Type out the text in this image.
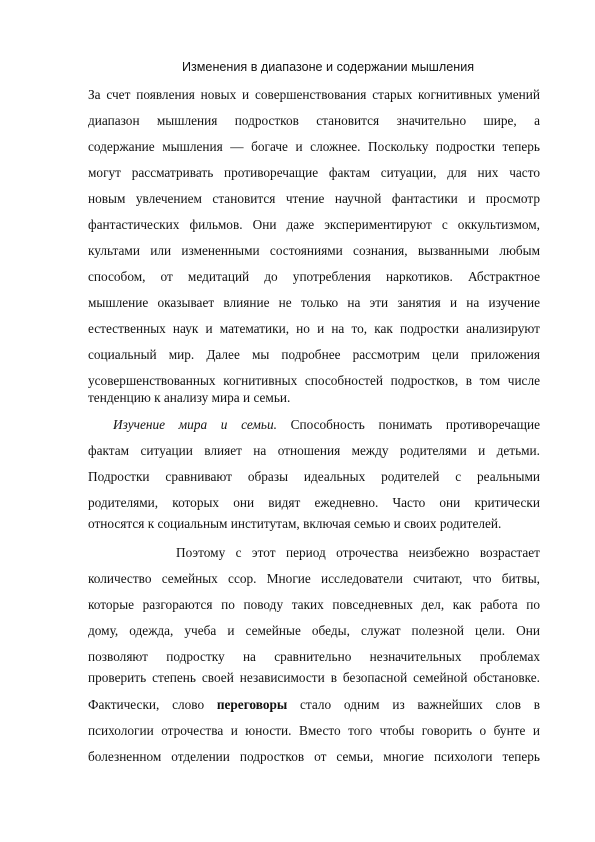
Изменения в диапазоне и содержании мышления
За счет появления новых и совершенствования старых когнитивных умений
диапазон мышления подростков становится значительно шире, а
содержание мышления — богаче и сложнее. Поскольку подростки теперь
могут рассматривать противоречащие фактам ситуации, для них часто
новым увлечением становится чтение научной фантастики и просмотр
фантастических фильмов. Они даже экспериментируют с оккультизмом,
культами или измененными состояниями сознания, вызванными любым
способом, от медитаций до употребления наркотиков. Абстрактное
мышление оказывает влияние не только на эти занятия и на изучение
естественных наук и математики, но и на то, как подростки анализируют
социальный мир. Далее мы подробнее рассмотрим цели приложения
усовершенствованных когнитивных способностей подростков, в том числе
тенденцию к анализу мира и семьи.
Изучение мира и семьи. Способность понимать противоречащие
фактам ситуации влияет на отношения между родителями и детьми.
Подростки сравнивают образы идеальных родителей с реальными
родителями, которых они видят ежедневно. Часто они критически
относятся к социальным институтам, включая семью и своих родителей.
Поэтому с этот период отрочества неизбежно возрастает
количество семейных ссор. Многие исследователи считают, что битвы,
которые разгораются по поводу таких повседневных дел, как работа по
дому, одежда, учеба и семейные обеды, служат полезной цели. Они
позволяют подростку на сравнительно незначительных проблемах
проверить степень своей независимости в безопасной семейной обстановке.
Фактически, слово переговоры стало одним из важнейших слов в
психологии отрочества и юности. Вместо того чтобы говорить о бунте и
болезненном отделении подростков от семьи, многие психологи теперь
